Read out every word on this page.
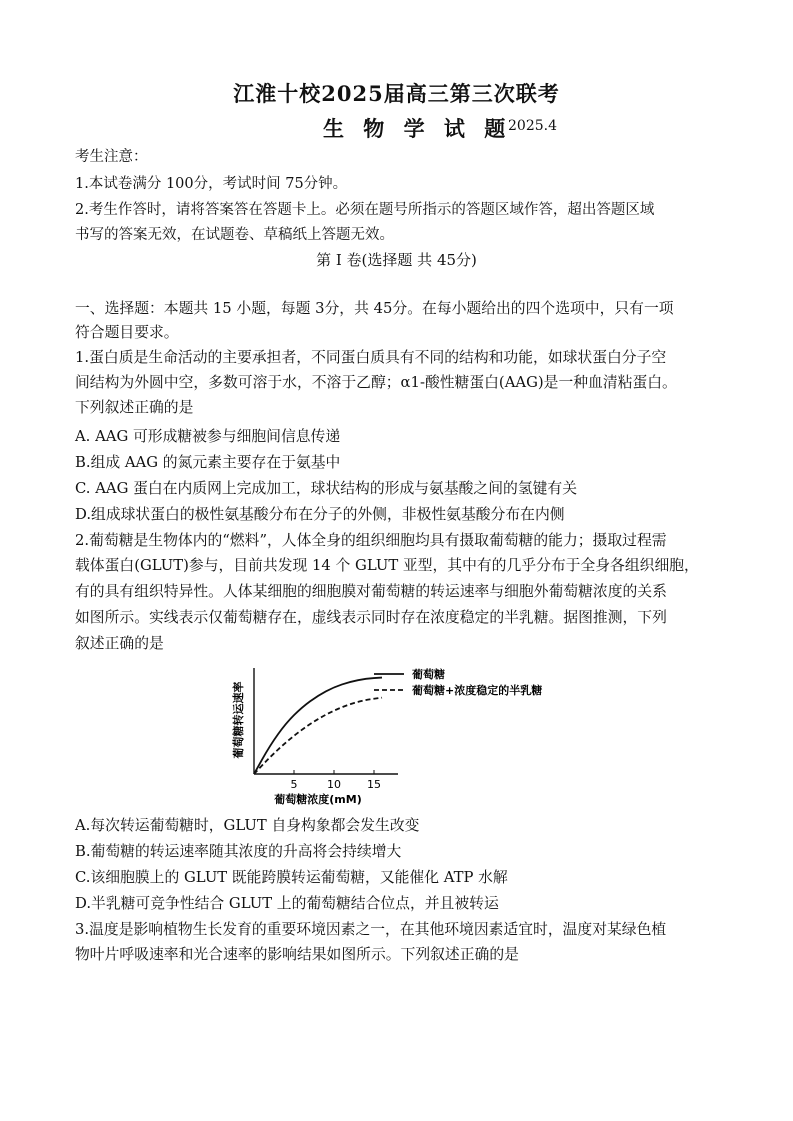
江淮十校2025届高三第三次联考
生 物 学 试 题
2025.4
考生注意：
1.本试卷满分 100分，考试时间 75分钟。
2.考生作答时，请将答案答在答题卡上。必须在题号所指示的答题区域作答，超出答题区域
书写的答案无效，在试题卷、草稿纸上答题无效。
第 I 卷(选择题 共 45分)
一、选择题：本题共 15 小题，每题 3分，共 45分。在每小题给出的四个选项中，只有一项
符合题目要求。
1.蛋白质是生命活动的主要承担者，不同蛋白质具有不同的结构和功能，如球状蛋白分子空
间结构为外圆中空，多数可溶于水，不溶于乙醇；α1-酸性糖蛋白(AAG)是一种血清粘蛋白。
下列叙述正确的是
A. AAG 可形成糖被参与细胞间信息传递
B.组成 AAG 的氮元素主要存在于氨基中
C. AAG 蛋白在内质网上完成加工，球状结构的形成与氨基酸之间的氢键有关
D.组成球状蛋白的极性氨基酸分布在分子的外侧，非极性氨基酸分布在内侧
2.葡萄糖是生物体内的“燃料”，人体全身的组织细胞均具有摄取葡萄糖的能力；摄取过程需
载体蛋白(GLUT)参与，目前共发现 14 个 GLUT 亚型，其中有的几乎分布于全身各组织细胞，
有的具有组织特异性。人体某细胞的细胞膜对葡萄糖的转运速率与细胞外葡萄糖浓度的关系
如图所示。实线表示仅葡萄糖存在，虚线表示同时存在浓度稳定的半乳糖。据图推测，下列
叙述正确的是
葡萄糖转运速率
5	10 15
葡萄糖浓度(mM)
葡萄糖
葡萄糖+浓度稳定的半乳糖
A.每次转运葡萄糖时，GLUT 自身构象都会发生改变
B.葡萄糖的转运速率随其浓度的升高将会持续增大
C.该细胞膜上的 GLUT 既能跨膜转运葡萄糖，又能催化 ATP 水解
D.半乳糖可竞争性结合 GLUT 上的葡萄糖结合位点，并且被转运
3.温度是影响植物生长发育的重要环境因素之一，在其他环境因素适宜时，温度对某绿色植
物叶片呼吸速率和光合速率的影响结果如图所示。下列叙述正确的是
